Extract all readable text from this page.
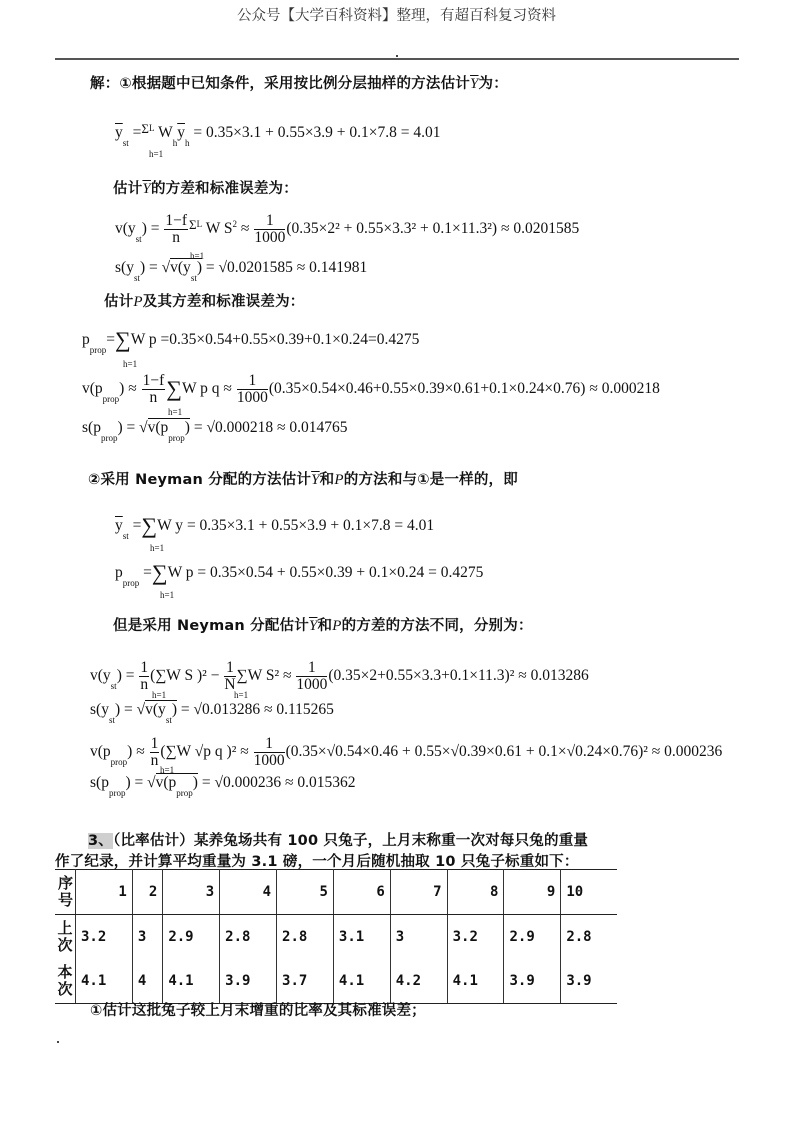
公众号【大学百科资料】整理，有超百科复习资料
解：①根据题中已知条件，采用按比例分层抽样的方法估计$\overline{Y}$为：
$\overline{y}_{st} =^{\Sigma L}$ $W_h\overline{y}_h = 0.35\times 3.1 + 0.55\times 3.9 + 0.1\times 7.8 = 4.01$
h=1
估计$\overline{Y}$的方差和标准误差为：
$v(y_{st}) = \frac{1-f}{n} ^{\Sigma L}$ W $S^2 \approx \frac{1}{1000} (0.35\times 2^2 + 0.55\times 3.3^2 + 0.1\times 11.3^2) \approx 0.0201585$
h=1
$s(y_{st}) = √v(y_{st}) = √0.0201585 \approx 0.141981$
估计P及其方差和标准误差为：
$p_{prop}=\sum W$ p =0.35×0.54+0.55×0.39+0.1×0.24=0.4275
h=1
$v(p_{prop}) \approx \frac{1-f}{n} \sum W$ p $q \approx \frac{1}{1000} (0.35\times 0.54\times 0.46+0.55\times 0.39\times 0.61+0.1\times 0.24\times 0.76) \approx 0.000218$
h=1
$s(p_{prop}) = √v(p_{prop}) = √0.000218 \approx 0.014765$
②采用 Neyman 分配的方法估计$\overline{Y}$和P的方法和与①是一样的，即
$\overline{y}_{st} =\sum W$ y = 0.35×3.1 + 0.55×3.9 + 0.1×7.8 = 4.01
h=1
$p_{prop} =\sum W$ p = 0.35×0.54 + 0.55×0.39 + 0.1×0.24 = 0.4275
h=1
但是采用 Neyman 分配估计$\overline{Y}$和P的方差的方法不同，分别为：
$v(y_{st}) = \frac{1}{n} (\sum W$ S )$^2 - \frac{1}{N} \sum W$ $S^2 \approx \frac{1}{1000} (0.35\times 2+0.55\times 3.3+0.1\times 11.3)^2 \approx 0.013286$
h=1	h=1
$s(y_{st}) = √v(y_{st}) = √0.013286 \approx 0.115265$
$v(p_{prop}) \approx \frac{1}{n} (\sum W$ √p q )$^2 \approx \frac{1}{1000} (0.35\times√0.54\times 0.46 + 0.55\times√0.39\times 0.61 + 0.1\times√0.24\times 0.76)^2 \approx 0.000236$
h=1
$s(p_{prop}) = √v(p_{prop}) = √0.000236 \approx 0.015362$
3、（比率估计）某养兔场共有 100 只兔子，上月末称重一次对每只兔的重量
作了纪录，并计算平均重量为 3.1 磅，一个月后随机抽取 10 只兔子标重如下：
序号	1	2	3	4	5	6	7	8	9	10

上次	3.2	3	2.9	2.8	2.8	3.1	3	3.2	2.9	2.8

本次	4.1	4	4.1	3.9	3.7	4.1	4.2	4.1	3.9	3.9
①估计这批兔子较上月末增重的比率及其标准误差；
